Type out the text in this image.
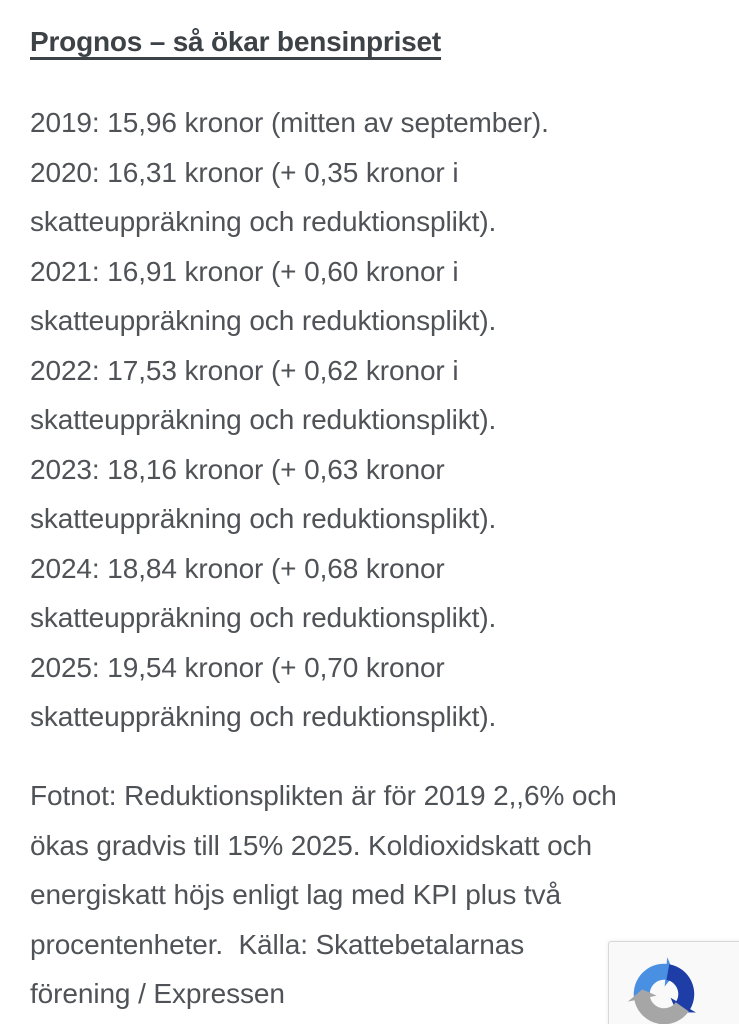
Prognos – så ökar bensinpriset
2019: 15,96 kronor (mitten av september).
2020: 16,31 kronor (+ 0,35 kronor i
skatteuppräkning och reduktionsplikt).
2021: 16,91 kronor (+ 0,60 kronor i
skatteuppräkning och reduktionsplikt).
2022: 17,53 kronor (+ 0,62 kronor i
skatteuppräkning och reduktionsplikt).
2023: 18,16 kronor (+ 0,63 kronor
skatteuppräkning och reduktionsplikt).
2024: 18,84 kronor (+ 0,68 kronor
skatteuppräkning och reduktionsplikt).
2025: 19,54 kronor (+ 0,70 kronor
skatteuppräkning och reduktionsplikt).
Fotnot: Reduktionsplikten är för 2019 2,,6% och
ökas gradvis till 15% 2025. Koldioxidskatt och
energiskatt höjs enligt lag med KPI plus två
procentenheter.  Källa: Skattebetalarnas
förening / Expressen
